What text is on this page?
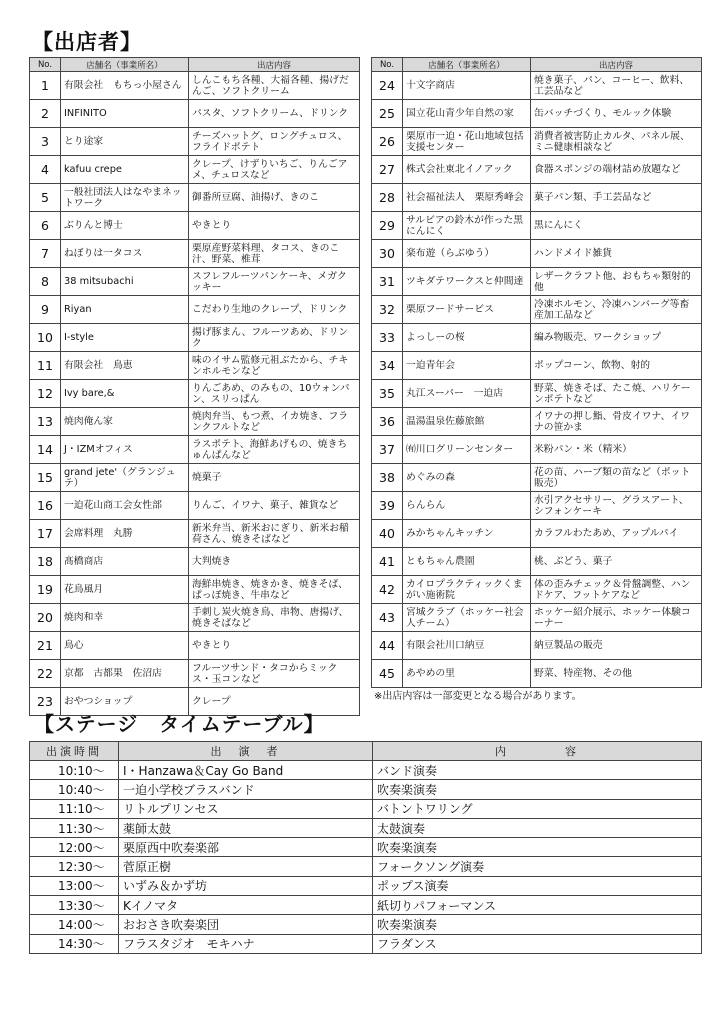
【出店者】
No.	店舗名（事業所名）	出店内容
1	有限会社　もちっ小屋さん	しんこもち各種、大福各種、揚げだんご、ソフトクリーム
2	INFINITO	パスタ、ソフトクリーム、ドリンク
3	とり途家	チーズハットグ、ロングチュロス、フライドポテト
4	kafuu crepe	クレープ、けずりいちご、りんごアメ、チュロスなど
5	一般社団法人はなやまネットワーク	御番所豆腐、油揚げ、きのこ
6	ぶりんと博士	やきとり
7	ねぼりは一タコス	栗原産野菜料理、タコス、きのこ汁、野菜、椎茸
8	38 mitsubachi	スフレフルーツパンケーキ、メガクッキー
9	Riyan	こだわり生地のクレープ、ドリンク
10	I-style	揚げ豚まん、フルーツあめ、ドリンク
11	有限会社　鳥恵	味のイサム監修元祖ぶたから、チキンホルモンなど
12	Ivy bare,&	りんごあめ、のみもの、10ウォンパン、スリっぱん
13	焼肉俺ん家	焼肉弁当、もつ煮、イカ焼き、フランクフルトなど
14	J・IZMオフィス	ラスポテト、海鮮あげもの、焼きちゅんぱんなど
15	grand jete'（グランジュテ）	焼菓子
16	一迫花山商工会女性部	りんご、イワナ、菓子、雑貨など
17	会席料理　丸勝	新米弁当、新米おにぎり、新米お稲荷さん、焼きそばなど
18	髙橋商店	大判焼き
19	花鳥風月	海鮮串焼き、焼きかき、焼きそば、ぱっぽ焼き、牛串など
20	焼肉和幸	手刺し炭火焼き鳥、串物、唐揚げ、焼きそばなど
21	鳥心	やきとり
22	京都　古都果　佐沼店	フルーツサンド・タコからミックス・玉コンなど
23	おやつショップ	クレープ
No.	店舗名（事業所名）	出店内容
24	十文字商店	焼き菓子、パン、コーヒー、飲料、工芸品など
25	国立花山青少年自然の家	缶バッチづくり、モルック体験
26	栗原市一迫・花山地域包括支援センター	消費者被害防止カルタ、パネル展、ミニ健康相談など
27	株式会社東北イノアック	食器スポンジの端材詰め放題など
28	社会福祉法人　栗原秀峰会	菓子パン類、手工芸品など
29	サルビアの鈴木が作った黒にんにく	黒にんにく
30	楽布遊（らぶゆう）	ハンドメイド雑貨
31	ツキダテワークスと仲間達	レザークラフト他、おもちゃ類射的他
32	栗原フードサービス	冷凍ホルモン、冷凍ハンバーグ等畜産加工品など
33	よっしーの桜	編み物販売、ワークショップ
34	一迫青年会	ポップコーン、飲物、射的
35	丸江スーパー　一迫店	野菜、焼きそば、たこ焼、ハリケーンポテトなど
36	温湯温泉佐藤旅館	イワナの押し鮨、骨皮イワナ、イワナの笹かま
37	㈲川口グリーンセンター	米粉パン・米（精米）
38	めぐみの森	花の苗、ハーブ類の苗など（ポット販売）
39	らんらん	水引アクセサリー、グラスアート、シフォンケーキ
40	みかちゃんキッチン	カラフルわたあめ、アップルパイ
41	ともちゃん農園	桃、ぶどう、菓子
42	カイロプラクティックくまがい施術院	体の歪みチェック＆骨盤調整、ハンドケア、フットケアなど
43	宮城クラブ（ホッケー社会人チーム）	ホッケー紹介展示、ホッケー体験コーナー
44	有限会社川口納豆	納豆製品の販売
45	あやめの里	野菜、特産物、その他
※出店内容は一部変更となる場合があります。
【ステージ　タイムテーブル】
出演時間	出　演　者	内　　　　容
10:10～	I・Hanzawa＆Cay Go Band	バンド演奏
10:40～	一迫小学校ブラスバンド	吹奏楽演奏
11:10～	リトルプリンセス	バトントワリング
11:30～	薬師太鼓	太鼓演奏
12:00～	栗原西中吹奏楽部	吹奏楽演奏
12:30～	菅原正樹	フォークソング演奏
13:00～	いずみ＆かず坊	ポップス演奏
13:30～	Kイノマタ	紙切りパフォーマンス
14:00～	おおさき吹奏楽団	吹奏楽演奏
14:30～	フラスタジオ　モキハナ	フラダンス
